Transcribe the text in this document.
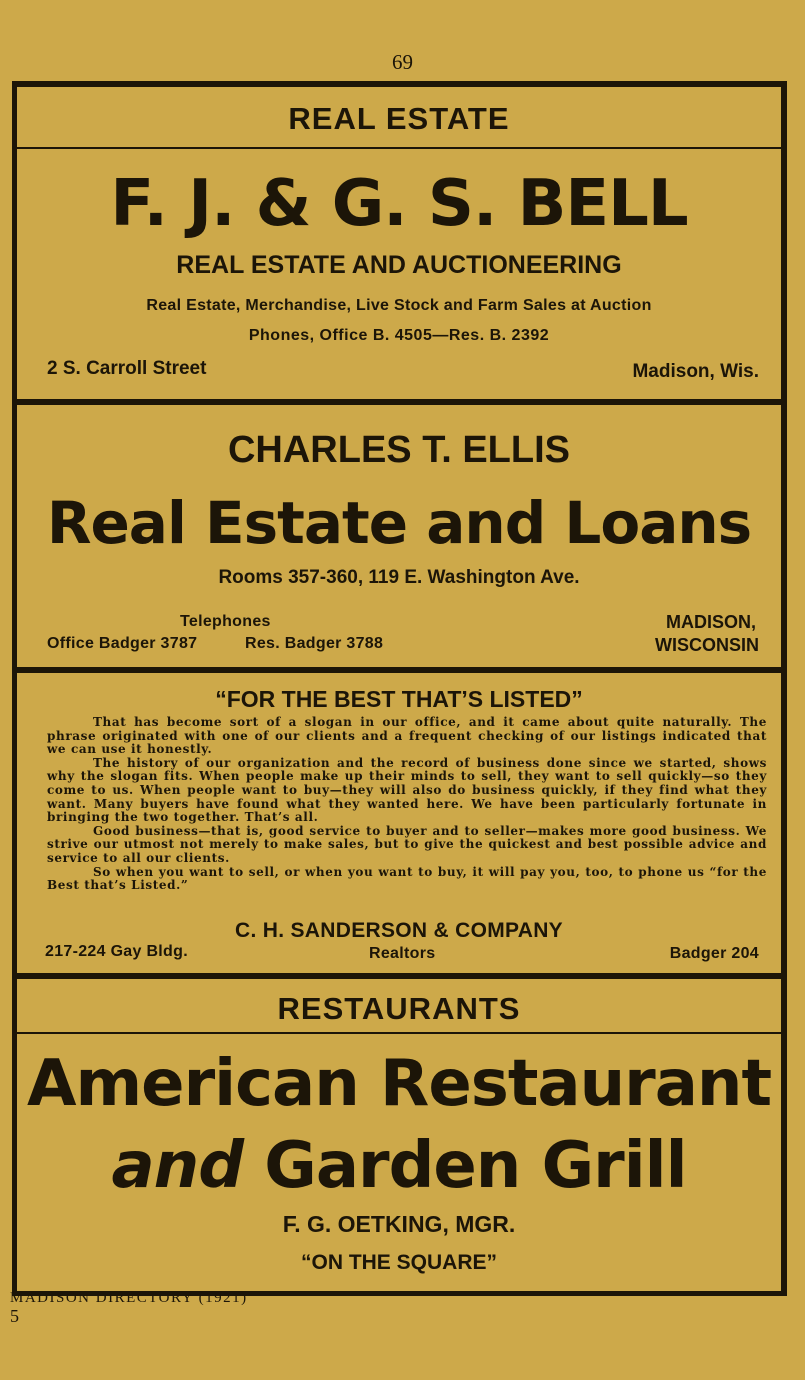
69
REAL ESTATE
F. J. & G. S. BELL
REAL ESTATE AND AUCTIONEERING
Real Estate, Merchandise, Live Stock and Farm Sales at Auction
Phones, Office B. 4505—Res. B. 2392
2 S. Carroll Street	Madison, Wis.
CHARLES T. ELLIS
Real Estate and Loans
Rooms 357-360, 119 E. Washington Ave.
Telephones
Office Badger 3787	Res. Badger 3788
MADISON,
WISCONSIN
“FOR THE BEST THAT’S LISTED”

That has become sort of a slogan in our office, and it came about quite naturally. The phrase originated with one of our clients and a frequent checking of our listings indicated that we can use it honestly.

The history of our organization and the record of business done since we started, shows why the slogan fits. When people make up their minds to sell, they want to sell quickly—so they come to us. When people want to buy—they will also do business quickly, if they find what they want. Many buyers have found what they wanted here. We have been particularly fortunate in bringing the two together. That’s all.

Good business—that is, good service to buyer and to seller—makes more good business. We strive our utmost not merely to make sales, but to give the quickest and best possible advice and service to all our clients.

So when you want to sell, or when you want to buy, it will pay you, too, to phone us “for the Best that’s Listed.”

C. H. SANDERSON & COMPANY
217-224 Gay Bldg.	Realtors	Badger 204
RESTAURANTS
American Restaurant
and Garden Grill
F. G. OETKING, MGR.
“ON THE SQUARE”
MADISON DIRECTORY (1921)
5
